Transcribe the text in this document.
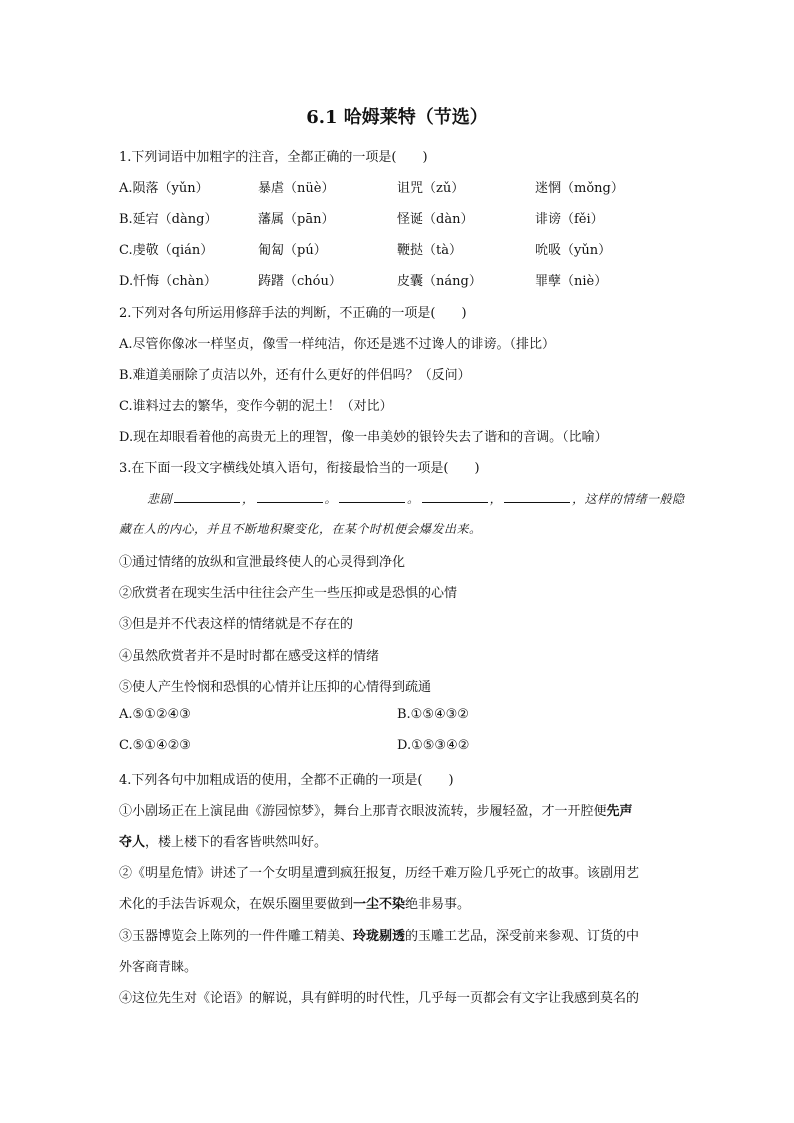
6.1 哈姆莱特（节选）
1.下列词语中加粗字的注音，全都正确的一项是(　　)
A.陨落（yǔn）	暴虐（nüè）	诅咒（zǔ）	迷惘（mǒng）
B.延宕（dàng）	藩属（pān）	怪诞（dàn）	诽谤（fěi）
C.虔敬（qián）	匍匐（pú）	鞭挞（tà）	吮吸（yǔn）
D.忏悔（chàn）	踌躇（chóu）	皮囊（náng）	罪孽（niè）
2.下列对各句所运用修辞手法的判断，不正确的一项是(　　)
A.尽管你像冰一样坚贞，像雪一样纯洁，你还是逃不过谗人的诽谤。（排比）
B.难道美丽除了贞洁以外，还有什么更好的伴侣吗？（反问）
C.谁料过去的繁华，变作今朝的泥土！（对比）
D.现在却眼看着他的高贵无上的理智，像一串美妙的银铃失去了谐和的音调。（比喻）
3.在下面一段文字横线处填入语句，衔接最恰当的一项是(　　)
悲剧	，	。	。	，	，这样的情绪一般隐
藏在人的内心，并且不断地积聚变化，在某个时机便会爆发出来。
①通过情绪的放纵和宣泄最终使人的心灵得到净化
②欣赏者在现实生活中往往会产生一些压抑或是恐惧的心情
③但是并不代表这样的情绪就是不存在的
④虽然欣赏者并不是时时都在感受这样的情绪
⑤使人产生怜悯和恐惧的心情并让压抑的心情得到疏通
A.⑤①②④③	B.①⑤④③②
C.⑤①④②③	D.①⑤③④②
4.下列各句中加粗成语的使用，全都不正确的一项是(　　)
①小剧场正在上演昆曲《游园惊梦》，舞台上那青衣眼波流转，步履轻盈，才一开腔便先声
夺人，楼上楼下的看客皆哄然叫好。
②《明星危情》讲述了一个女明星遭到疯狂报复，历经千难万险几乎死亡的故事。该剧用艺
术化的手法告诉观众，在娱乐圈里要做到一尘不染绝非易事。
③玉器博览会上陈列的一件件雕工精美、玲珑剔透的玉雕工艺品，深受前来参观、订货的中
外客商青睐。
④这位先生对《论语》的解说，具有鲜明的时代性，几乎每一页都会有文字让我感到莫名的
